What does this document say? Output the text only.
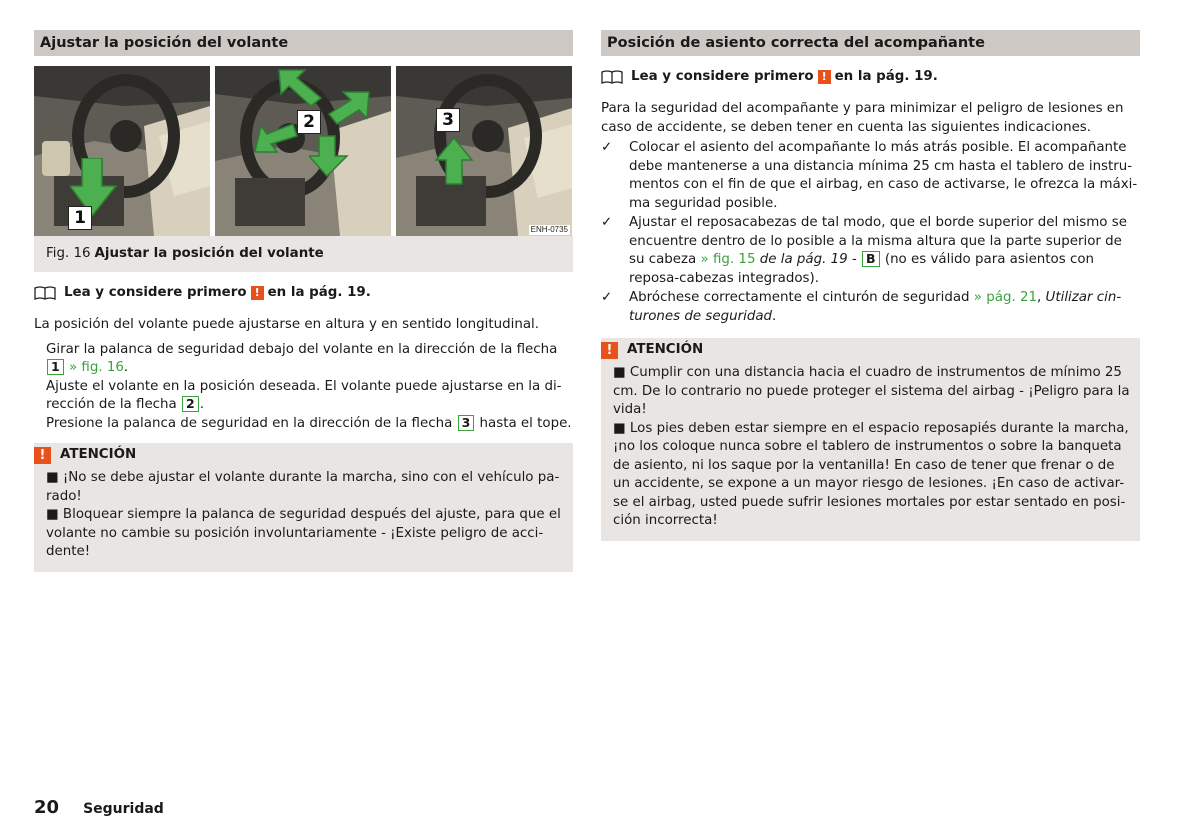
Ajustar la posición del volante
1
2	3
ENH-0735
Fig. 16 Ajustar la posición del volante
Lea y considere primero ! en la pág. 19.

La posición del volante puede ajustarse en altura y en sentido longitudinal.

Girar la palanca de seguridad debajo del volante en la dirección de la flecha
1 » fig. 16.
Ajuste el volante en la posición deseada. El volante puede ajustarse en la di-rección de la flecha 2 .
Presione la palanca de seguridad en la dirección de la flecha 3 hasta el tope.
!	ATENCIÓN
■ ¡No se debe ajustar el volante durante la marcha, sino con el vehículo pa-rado!
■ Bloquear siempre la palanca de seguridad después del ajuste, para que el volante no cambie su posición involuntariamente - ¡Existe peligro de acci-dente!
Posición de asiento correcta del acompañante
Lea y considere primero ! en la pág. 19.

Para la seguridad del acompañante y para minimizar el peligro de lesiones en caso de accidente, se deben tener en cuenta las siguientes indicaciones.

✓ Colocar el asiento del acompañante lo más atrás posible. El acompañante debe mantenerse a una distancia mínima 25 cm hasta el tablero de instru-mentos con el fin de que el airbag, en caso de activarse, le ofrezca la máxi-ma seguridad posible.
✓ Ajustar el reposacabezas de tal modo, que el borde superior del mismo se encuentre dentro de lo posible a la misma altura que la parte superior de su cabeza » fig. 15 de la pág. 19 - B (no es válido para asientos con reposa-cabezas integrados).
✓ Abróchese correctamente el cinturón de seguridad » pág. 21, Utilizar cin-turones de seguridad.
!	ATENCIÓN
■ Cumplir con una distancia hacia el cuadro de instrumentos de mínimo 25 cm. De lo contrario no puede proteger el sistema del airbag - ¡Peligro para la vida!
■ Los pies deben estar siempre en el espacio reposapiés durante la marcha, ¡no los coloque nunca sobre el tablero de instrumentos o sobre la banqueta de asiento, ni los saque por la ventanilla! En caso de tener que frenar o de un accidente, se expone a un mayor riesgo de lesiones. ¡En caso de activar-se el airbag, usted puede sufrir lesiones mortales por estar sentado en posi-ción incorrecta!
20 Seguridad
